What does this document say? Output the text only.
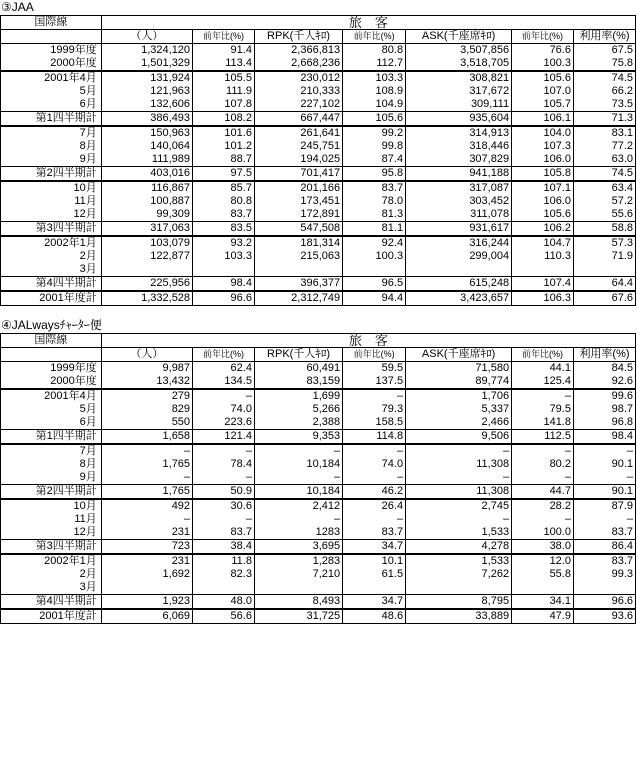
③JAA
国際線	旅　客						
	（人）	前年比(%)	RPK(千人ｷﾛ)	前年比(%)	ASK(千座席ｷﾛ)	前年比(%)	利用率(%)
1999年度	1,324,120	91.4	2,366,813	80.8	3,507,856	76.6	67.5
2000年度	1,501,329	113.4	2,668,236	112.7	3,518,705	100.3	75.8
2001年4月	131,924	105.5	230,012	103.3	308,821	105.6	74.5
5月	121,963	111.9	210,333	108.9	317,672	107.0	66.2
6月	132,606	107.8	227,102	104.9	309,111	105.7	73.5
第1四半期計	386,493	108.2	667,447	105.6	935,604	106.1	71.3
7月	150,963	101.6	261,641	99.2	314,913	104.0	83.1
8月	140,064	101.2	245,751	99.8	318,446	107.3	77.2
9月	111,989	88.7	194,025	87.4	307,829	106.0	63.0
第2四半期計	403,016	97.5	701,417	95.8	941,188	105.8	74.5
10月	116,867	85.7	201,166	83.7	317,087	107.1	63.4
11月	100,887	80.8	173,451	78.0	303,452	106.0	57.2
12月	99,309	83.7	172,891	81.3	311,078	105.6	55.6
第3四半期計	317,063	83.5	547,508	81.1	931,617	106.2	58.8
2002年1月	103,079	93.2	181,314	92.4	316,244	104.7	57.3
2月	122,877	103.3	215,063	100.3	299,004	110.3	71.9
3月							
第4四半期計	225,956	98.4	396,377	96.5	615,248	107.4	64.4
2001年度計	1,332,528	96.6	2,312,749	94.4	3,423,657	106.3	67.6
④JALwaysﾁｬｰﾀｰ便
国際線	旅　客						
	（人）	前年比(%)	RPK(千人ｷﾛ)	前年比(%)	ASK(千座席ｷﾛ)	前年比(%)	利用率(%)
1999年度	9,987	62.4	60,491	59.5	71,580	44.1	84.5
2000年度	13,432	134.5	83,159	137.5	89,774	125.4	92.6
2001年4月	279	–	1,699	–	1,706	–	99.6
5月	829	74.0	5,266	79.3	5,337	79.5	98.7
6月	550	223.6	2,388	158.5	2,466	141.8	96.8
第1四半期計	1,658	121.4	9,353	114.8	9,506	112.5	98.4
7月	–	–	–	–	–	–	–
8月	1,765	78.4	10,184	74.0	11,308	80.2	90.1
9月	–	–	–	–	–	–	–
第2四半期計	1,765	50.9	10,184	46.2	11,308	44.7	90.1
10月	492	30.6	2,412	26.4	2,745	28.2	87.9
11月	–	–	–	–	–	–	–
12月	231	83.7	1283	83.7	1,533	100.0	83.7
第3四半期計	723	38.4	3,695	34.7	4,278	38.0	86.4
2002年1月	231	11.8	1,283	10.1	1,533	12.0	83.7
2月	1,692	82.3	7,210	61.5	7,262	55.8	99.3
3月							
第4四半期計	1,923	48.0	8,493	34.7	8,795	34.1	96.6
2001年度計	6,069	56.6	31,725	48.6	33,889	47.9	93.6
